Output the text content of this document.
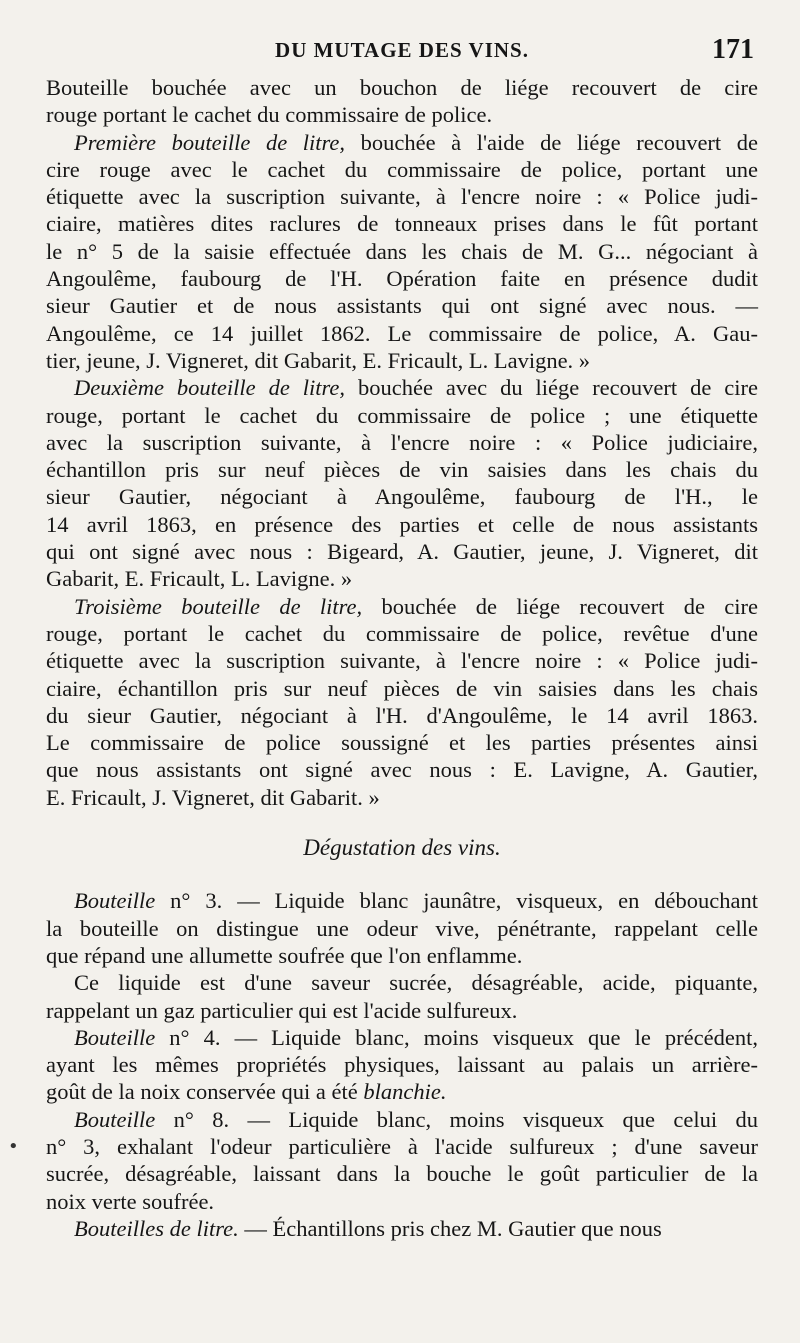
DU MUTAGE DES VINS.	171
Bouteille bouchée avec un bouchon de liége recouvert de cire
rouge portant le cachet du commissaire de police.
Première bouteille de litre, bouchée à l'aide de liége recouvert de
cire rouge avec le cachet du commissaire de police, portant une
étiquette avec la suscription suivante, à l'encre noire : « Police judi-
ciaire, matières dites raclures de tonneaux prises dans le fût portant
le n° 5 de la saisie effectuée dans les chais de M. G... négociant à
Angoulême, faubourg de l'H. Opération faite en présence dudit
sieur Gautier et de nous assistants qui ont signé avec nous. —
Angoulême, ce 14 juillet 1862. Le commissaire de police, A. Gau-
tier, jeune, J. Vigneret, dit Gabarit, E. Fricault, L. Lavigne. »
Deuxième bouteille de litre, bouchée avec du liége recouvert de cire
rouge, portant le cachet du commissaire de police ; une étiquette
avec la suscription suivante, à l'encre noire : « Police judiciaire,
échantillon pris sur neuf pièces de vin saisies dans les chais du
sieur Gautier, négociant à Angoulême, faubourg de l'H., le
14 avril 1863, en présence des parties et celle de nous assistants
qui ont signé avec nous : Bigeard, A. Gautier, jeune, J. Vigneret, dit
Gabarit, E. Fricault, L. Lavigne. »
Troisième bouteille de litre, bouchée de liége recouvert de cire
rouge, portant le cachet du commissaire de police, revêtue d'une
étiquette avec la suscription suivante, à l'encre noire : « Police judi-
ciaire, échantillon pris sur neuf pièces de vin saisies dans les chais
du sieur Gautier, négociant à l'H. d'Angoulême, le 14 avril 1863.
Le commissaire de police soussigné et les parties présentes ainsi
que nous assistants ont signé avec nous : E. Lavigne, A. Gautier,
E. Fricault, J. Vigneret, dit Gabarit. »
Dégustation des vins.
Bouteille n° 3. — Liquide blanc jaunâtre, visqueux, en débouchant
la bouteille on distingue une odeur vive, pénétrante, rappelant celle
que répand une allumette soufrée que l'on enflamme.
Ce liquide est d'une saveur sucrée, désagréable, acide, piquante,
rappelant un gaz particulier qui est l'acide sulfureux.
Bouteille n° 4. — Liquide blanc, moins visqueux que le précédent,
ayant les mêmes propriétés physiques, laissant au palais un arrière-
goût de la noix conservée qui a été blanchie.
Bouteille n° 8. — Liquide blanc, moins visqueux que celui du
n° 3, exhalant l'odeur particulière à l'acide sulfureux ; d'une saveur
sucrée, désagréable, laissant dans la bouche le goût particulier de la
noix verte soufrée.
Bouteilles de litre. — Échantillons pris chez M. Gautier que nous
•
